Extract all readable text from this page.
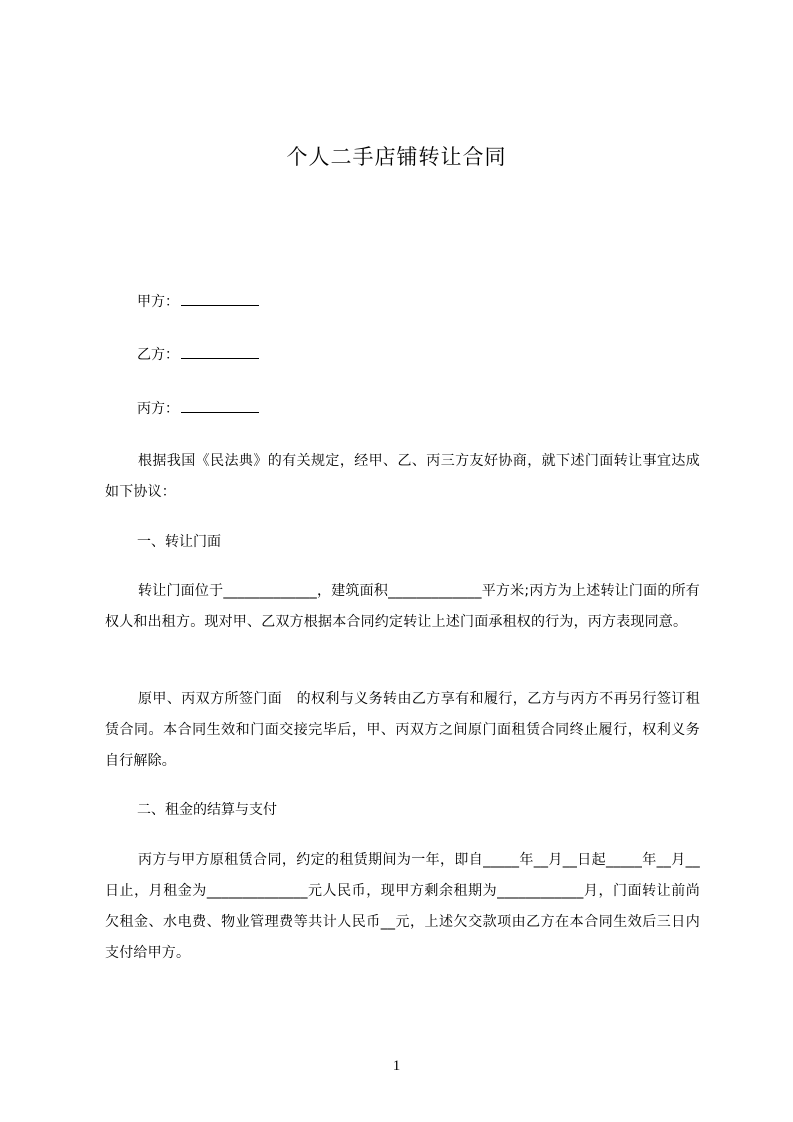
个人二手店铺转让合同
甲方：
乙方：
丙方：

根据我国《民法典》的有关规定，经甲、乙、丙三方友好协商，就下述门面转让事宜达成如下协议：

一、转让门面

转让门面位于_____________，建筑面积_____________平方米;丙方为上述转让门面的所有权人和出租方。现对甲、乙双方根据本合同约定转让上述门面承租权的行为，丙方表现同意。

原甲、丙双方所签门面　的权利与义务转由乙方享有和履行，乙方与丙方不再另行签订租赁合同。本合同生效和门面交接完毕后，甲、丙双方之间原门面租赁合同终止履行，权利义务自行解除。

二、租金的结算与支付

丙方与甲方原租赁合同，约定的租赁期间为一年，即自_____年__月__日起_____年__月__日止，月租金为______________元人民币，现甲方剩余租期为____________月，门面转让前尚欠租金、水电费、物业管理费等共计人民币__元，上述欠交款项由乙方在本合同生效后三日内支付给甲方。

1
